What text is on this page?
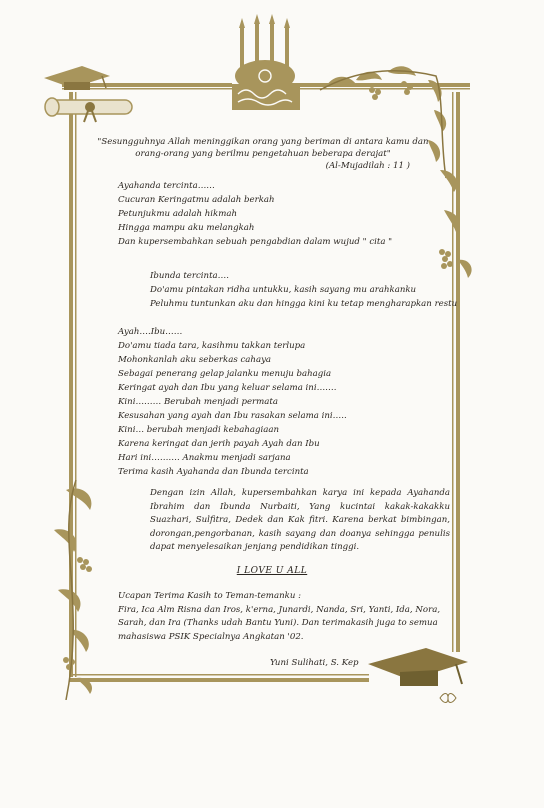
"Sesungguhnya Allah meninggikan orang yang beriman di antara kamu dan orang-orang yang berilmu pengetahuan beberapa derajat"
(Al-Mujadilah : 11 )
Ayahanda tercinta……
Cucuran Keringatmu adalah berkah
Petunjukmu adalah hikmah
Hingga mampu aku melangkah
Dan kupersembahkan sebuah pengabdian dalam wujud " cita "
Ibunda tercinta….
Do'amu pintakan ridha untukku, kasih sayang mu arahkanku
Peluhmu tuntunkan aku dan hingga kini ku tetap mengharapkan restu
Ayah….Ibu……
Do'amu tiada tara, kasihmu takkan terlupa
Mohonkanlah aku seberkas cahaya
Sebagai penerang gelap jalanku menuju bahagia
Keringat ayah dan Ibu yang keluar selama ini…….
Kini……… Berubah menjadi permata
Kesusahan yang ayah dan Ibu rasakan selama ini…..
Kini… berubah menjadi kebahagiaan
Karena keringat dan jerih payah Ayah dan Ibu
Hari ini………. Anakmu menjadi sarjana
Terima kasih Ayahanda dan Ibunda tercinta
Dengan izin Allah, kupersembahkan karya ini kepada Ayahanda Ibrahim dan Ibunda Nurbaiti, Yang kucintai kakak-kakakku Suazhari, Sulfitra, Dedek dan Kak fitri. Karena berkat bimbingan, dorongan,pengorbanan, kasih sayang dan doanya sehingga penulis dapat menyelesaikan jenjang pendidikan tinggi.
I LOVE U ALL
Ucapan Terima Kasih to Teman-temanku :
Fira, Ica Alm Risna dan Iros, k'erna, Junardi, Nanda, Sri, Yanti, Ida, Nora, Sarah, dan Ira (Thanks udah Bantu Yuni). Dan terimakasih juga to semua mahasiswa PSIK Specialnya Angkatan '02.
Yuni Sulihati, S. Kep
